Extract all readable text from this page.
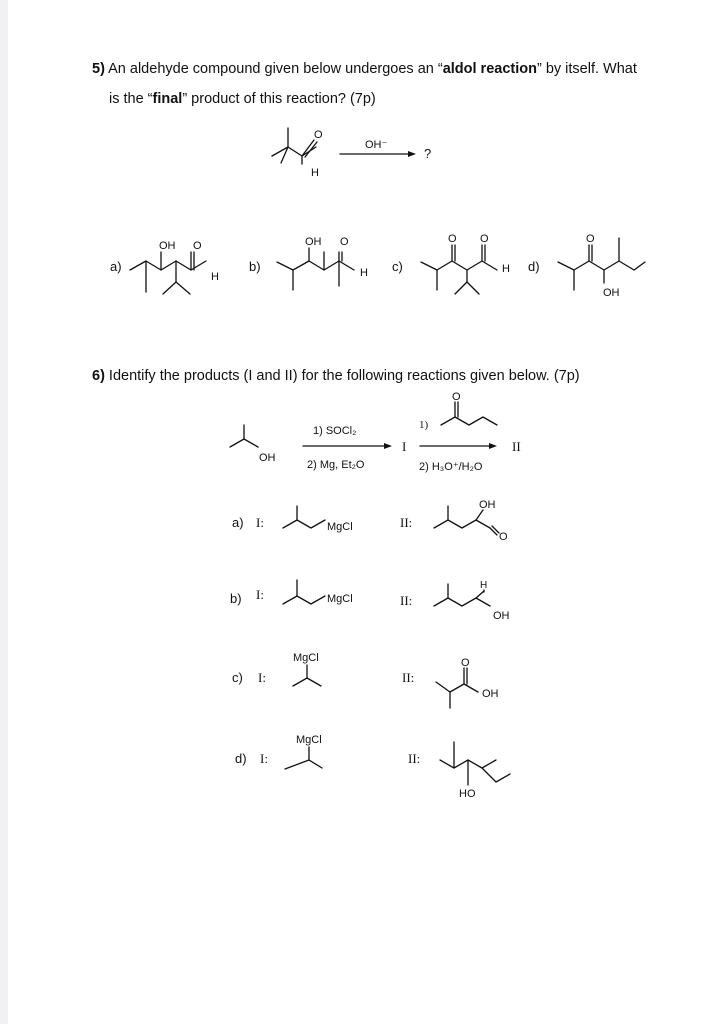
5) An aldehyde compound given below undergoes an “aldol reaction” by itself. What
is the “final” product of this reaction? (7p)
O
H
OH⁻
?
a)
OH O
H
b)
OH O
H c)
O O
H d)
O
OH
6) Identify the products (I and II) for the following reactions given below. (7p)
OH
1) SOCl₂
2) Mg, Et₂O
I
1)
O
2) H₃O⁺/H₂O
II
a) I:	MgCl	II:
OH
O
b) I:	MgCl	II:
H
OH
c) I:
MgCl
II:
O
OH
d) I:
MgCl
II:
HO
